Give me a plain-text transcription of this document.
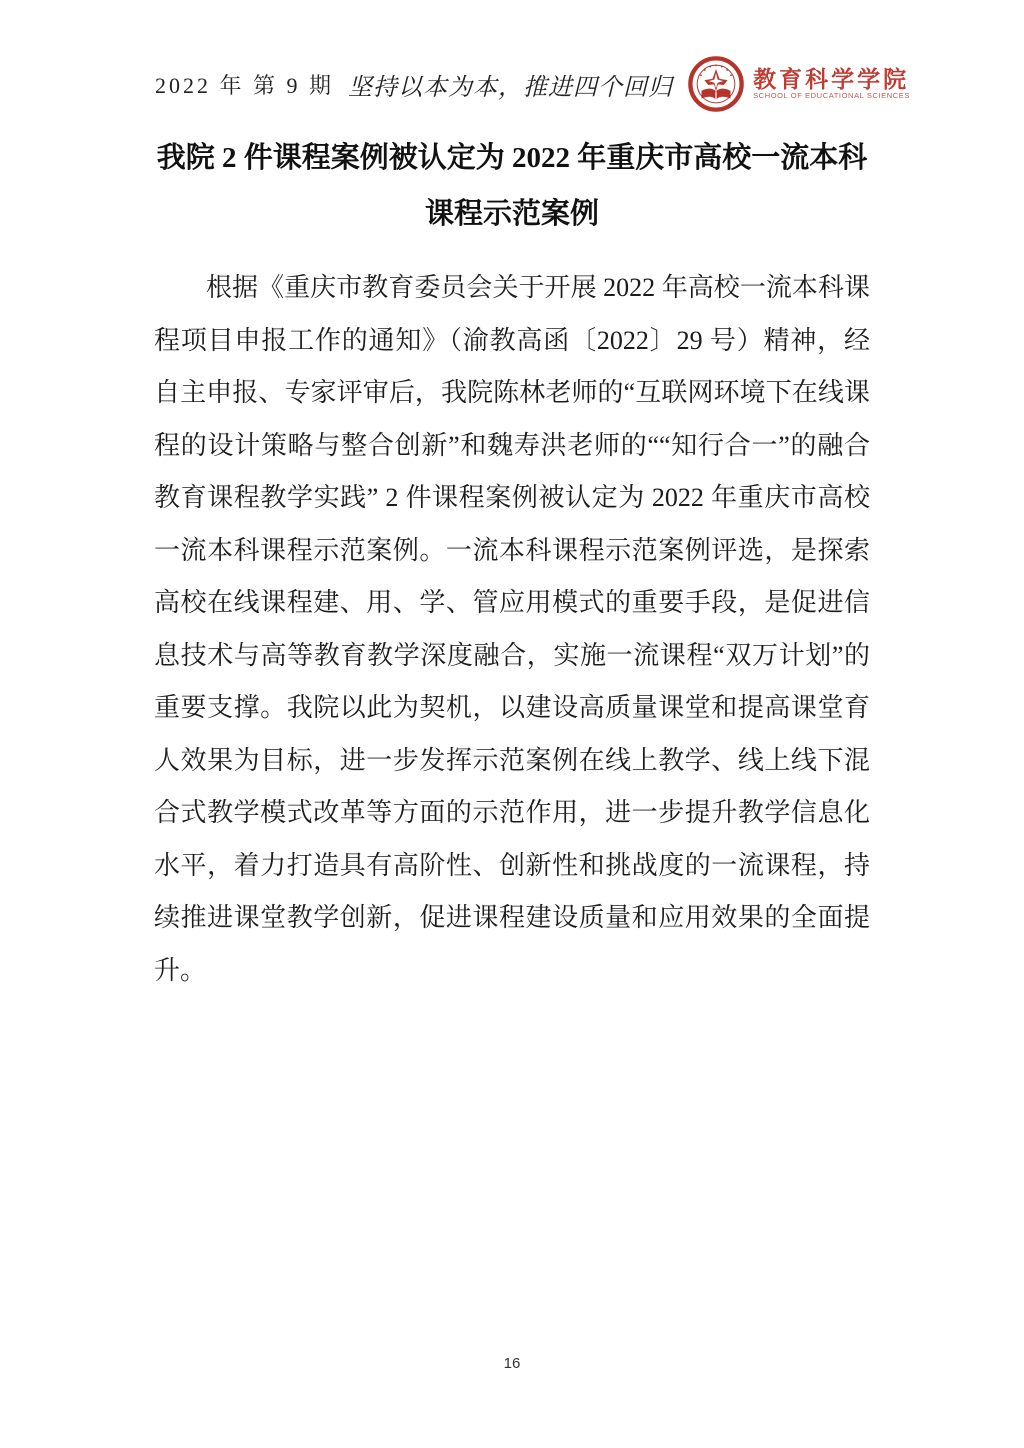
2022 年 第 9 期 坚持以本为本，推进四个回归	教育科学学院
SCHOOL OF EDUCATIONAL SCIENCES
我院 2 件课程案例被认定为 2022 年重庆市高校一流本科课程示范案例

根据《重庆市教育委员会关于开展 2022 年高校一流本科课程项目申报工作的通知》（渝教高函〔2022〕29 号）精神，经自主申报、专家评审后，我院陈林老师的“互联网环境下在线课程的设计策略与整合创新”和魏寿洪老师的““知行合一”的融合教育课程教学实践” 2 件课程案例被认定为 2022 年重庆市高校一流本科课程示范案例。一流本科课程示范案例评选，是探索高校在线课程建、用、学、管应用模式的重要手段，是促进信息技术与高等教育教学深度融合，实施一流课程“双万计划”的重要支撑。我院以此为契机，以建设高质量课堂和提高课堂育人效果为目标，进一步发挥示范案例在线上教学、线上线下混合式教学模式改革等方面的示范作用，进一步提升教学信息化水平，着力打造具有高阶性、创新性和挑战度的一流课程，持续推进课堂教学创新，促进课程建设质量和应用效果的全面提升。

16
